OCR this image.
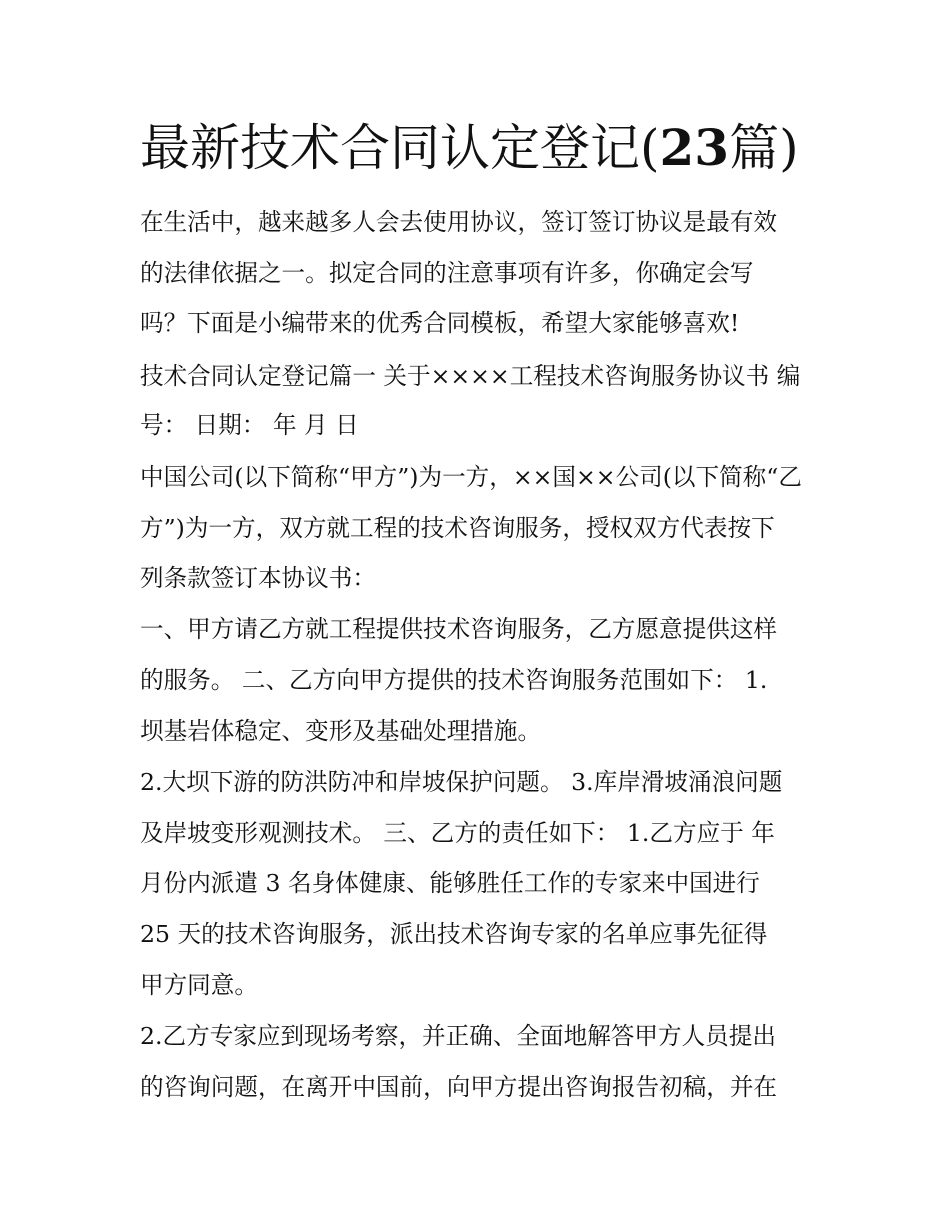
最新技术合同认定登记(23篇)

在生活中，越来越多人会去使用协议，签订签订协议是最有效

的法律依据之一。拟定合同的注意事项有许多，你确定会写

吗？下面是小编带来的优秀合同模板，希望大家能够喜欢!

技术合同认定登记篇一 关于××××工程技术咨询服务协议书 编

号： 日期： 年 月 日

中国公司(以下简称“甲方”)为一方，××国××公司(以下简称“乙

方”)为一方，双方就工程的技术咨询服务，授权双方代表按下

列条款签订本协议书：

一、甲方请乙方就工程提供技术咨询服务，乙方愿意提供这样

的服务。 二、乙方向甲方提供的技术咨询服务范围如下： 1.

坝基岩体稳定、变形及基础处理措施。

2.大坝下游的防洪防冲和岸坡保护问题。 3.库岸滑坡涌浪问题

及岸坡变形观测技术。 三、乙方的责任如下： 1.乙方应于 年

月份内派遣 3 名身体健康、能够胜任工作的专家来中国进行

25 天的技术咨询服务，派出技术咨询专家的名单应事先征得

甲方同意。

2.乙方专家应到现场考察，并正确、全面地解答甲方人员提出

的咨询问题，在离开中国前，向甲方提出咨询报告初稿，并在
